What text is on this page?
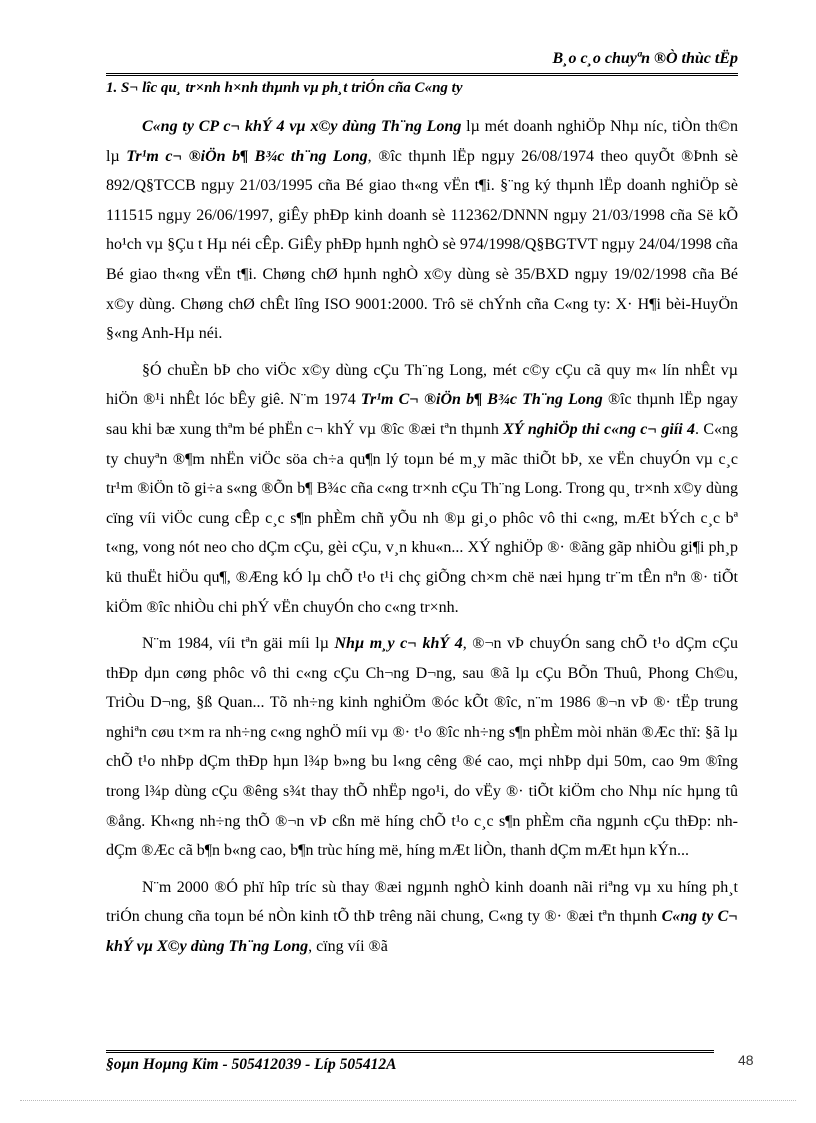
B¸o c¸o chuyªn ®Ò thùc tËp
1. S¬ lîc qu¸ tr×nh h×nh thµnh vµ ph¸t triÓn cña C«ng ty

C«ng ty CP c¬ khÝ 4 vµ x©y dùng Th¨ng Long lµ mét doanh nghiÖp Nhµ níc, tiÒn th©n lµ Tr¹m c¬ ®iÖn b¶ B¾c th¨ng Long, ®îc thµnh lËp ngµy 26/08/1974 theo quyÕt ®Þnh sè 892/Q§TCCB ngµy 21/03/1995 cña Bé giao th«ng vËn t¶i. §¨ng ký thµnh lËp doanh nghiÖp sè 111515 ngµy 26/06/1997, giÊy phÐp kinh doanh sè 112362/DNNN ngµy 21/03/1998 cña Së kÕ ho¹ch vµ §Çu t Hµ néi cÊp. GiÊy phÐp hµnh nghÒ sè 974/1998/Q§BGTVT ngµy 24/04/1998 cña Bé giao th«ng vËn t¶i. Chøng chØ hµnh nghÒ x©y dùng sè 35/BXD ngµy 19/02/1998 cña Bé x©y dùng. Chøng chØ chÊt lîng ISO 9001:2000. Trô së chÝnh cña C«ng ty: X· H¶i bèi-HuyÖn §«ng Anh-Hµ néi.

§Ó chuÈn bÞ cho viÖc x©y dùng cÇu Th¨ng Long, mét c©y cÇu cã quy m« lín nhÊt vµ hiÖn ®¹i nhÊt lóc bÊy giê. N¨m 1974 Tr¹m C¬ ®iÖn b¶ B¾c Th¨ng Long ®îc thµnh lËp ngay sau khi bæ xung thªm bé phËn c¬ khÝ vµ ®îc ®æi tªn thµnh XÝ nghiÖp thi c«ng c¬ giíi 4. C«ng ty chuyªn ®¶m nhËn viÖc söa ch÷a qu¶n lý toµn bé m¸y mãc thiÕt bÞ, xe vËn chuyÓn vµ c¸c tr¹m ®iÖn tõ gi÷a s«ng ®Õn b¶ B¾c cña c«ng tr×nh cÇu Th¨ng Long. Trong qu¸ tr×nh x©y dùng cïng víi viÖc cung cÊp c¸c s¶n phÈm chñ yÕu nh ®µ gi¸o phôc vô thi c«ng, mÆt bÝch c¸c bª t«ng, vong nót neo cho dÇm cÇu, gèi cÇu, v¸n khu«n... XÝ nghiÖp ®· ®ãng gãp nhiÒu gi¶i ph¸p kü thuËt hiÖu qu¶, ®Æng kÓ lµ chÕ t¹o t¹i chç giÕng ch×m chë næi hµng tr¨m tÊn nªn ®· tiÕt kiÖm ®îc nhiÒu chi phÝ vËn chuyÓn cho c«ng tr×nh.

N¨m 1984, víi tªn gäi míi lµ Nhµ m¸y c¬ khÝ 4, ®¬n vÞ chuyÓn sang chÕ t¹o dÇm cÇu thÐp dµn cøng phôc vô thi c«ng cÇu Ch¬ng D¬ng, sau ®ã lµ cÇu BÕn Thuû, Phong Ch©u, TriÒu D¬ng, §ß Quan... Tõ nh÷ng kinh nghiÖm ®óc kÕt ®îc, n¨m 1986 ®¬n vÞ ®· tËp trung nghiªn cøu t×m ra nh÷ng c«ng nghÖ míi vµ ®· t¹o ®îc nh÷ng s¶n phÈm mòi nhän ®Æc thï: §ã lµ chÕ t¹o nhÞp dÇm thÐp hµn l¾p b»ng bu l«ng cêng ®é cao, mçi nhÞp dµi 50m, cao 9m ®îng trong l¾p dùng cÇu ®êng s¾t thay thÕ nhËp ngo¹i, do vËy ®· tiÕt kiÖm cho Nhµ níc hµng tû ®ång. Kh«ng nh÷ng thÕ ®¬n vÞ cßn më híng chÕ t¹o c¸c s¶n phÈm cña ngµnh cÇu thÐp: nh dÇm ®Æc cã b¶n b«ng cao, b¶n trùc híng më, híng mÆt liÒn, thanh dÇm mÆt hµn kÝn...

N¨m 2000 ®Ó phï hîp tríc sù thay ®æi ngµnh nghÒ kinh doanh nãi riªng vµ xu híng ph¸t triÓn chung cña toµn bé nÒn kinh tÕ thÞ trêng nãi chung, C«ng ty ®· ®æi tªn thµnh C«ng ty C¬ khÝ vµ X©y dùng Th¨ng Long, cïng víi ®ã

§oµn Hoµng Kim - 505412039 - Líp 505412A	48
